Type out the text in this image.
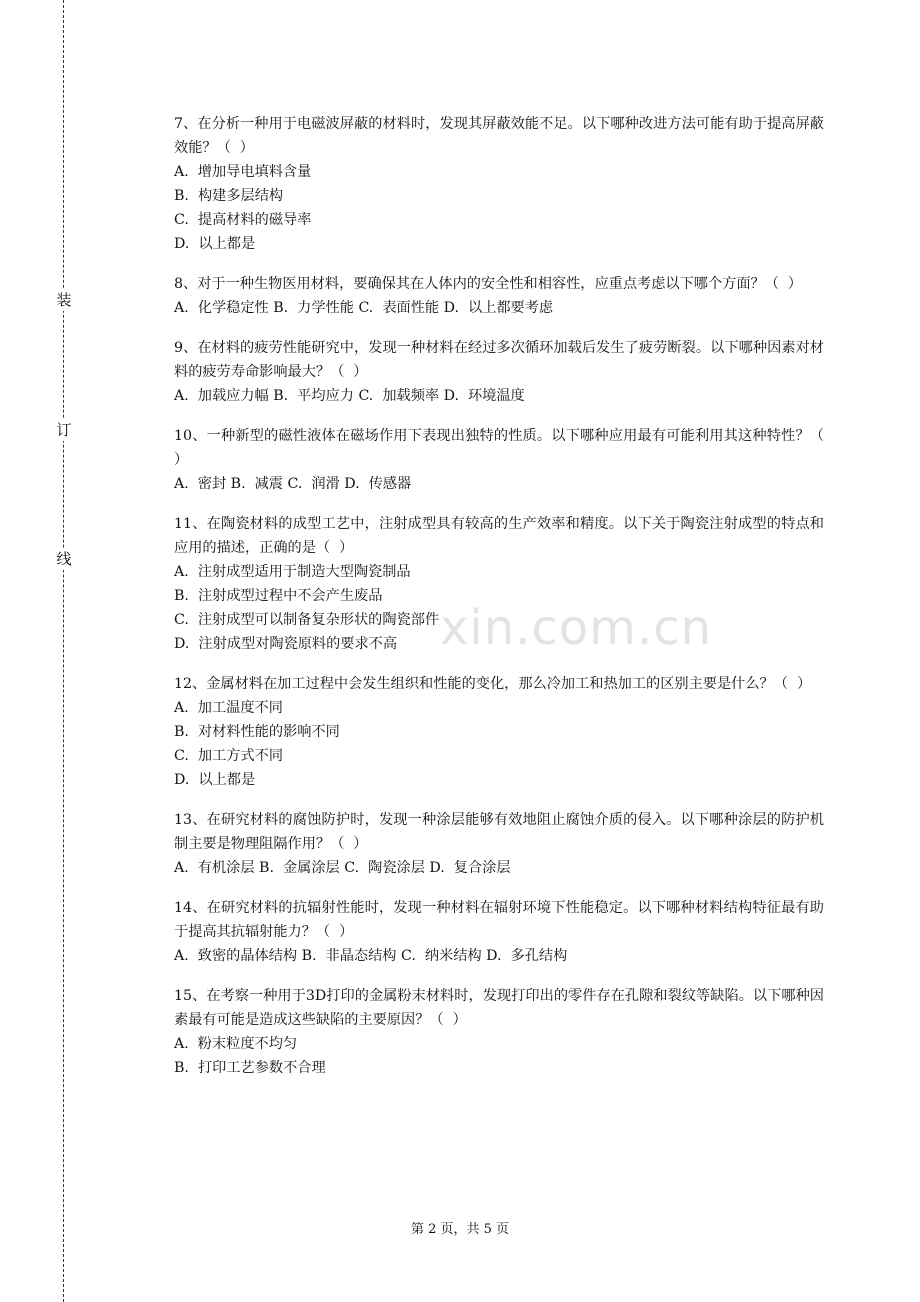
装
订
线
xin.com.cn

7、在分析一种用于电磁波屏蔽的材料时，发现其屏蔽效能不足。以下哪种改进方法可能有助于提高屏蔽效能？（  ）

A.  增加导电填料含量

B.  构建多层结构

C.  提高材料的磁导率

D.  以上都是

8、对于一种生物医用材料，要确保其在人体内的安全性和相容性，应重点考虑以下哪个方面？（  ）

A.  化学稳定性 B.  力学性能 C.  表面性能 D.  以上都要考虑

9、在材料的疲劳性能研究中，发现一种材料在经过多次循环加载后发生了疲劳断裂。以下哪种因素对材料的疲劳寿命影响最大？（  ）

A.  加载应力幅 B.  平均应力 C.  加载频率 D.  环境温度

10、一种新型的磁性液体在磁场作用下表现出独特的性质。以下哪种应用最有可能利用其这种特性？（  ）

A.  密封 B.  减震 C.  润滑 D.  传感器

11、在陶瓷材料的成型工艺中，注射成型具有较高的生产效率和精度。以下关于陶瓷注射成型的特点和应用的描述，正确的是（  ）

A.  注射成型适用于制造大型陶瓷制品

B.  注射成型过程中不会产生废品

C.  注射成型可以制备复杂形状的陶瓷部件

D.  注射成型对陶瓷原料的要求不高

12、金属材料在加工过程中会发生组织和性能的变化，那么冷加工和热加工的区别主要是什么？（  ）

A.  加工温度不同

B.  对材料性能的影响不同

C.  加工方式不同

D.  以上都是

13、在研究材料的腐蚀防护时，发现一种涂层能够有效地阻止腐蚀介质的侵入。以下哪种涂层的防护机制主要是物理阻隔作用？（  ）

A.  有机涂层 B.  金属涂层 C.  陶瓷涂层 D.  复合涂层

14、在研究材料的抗辐射性能时，发现一种材料在辐射环境下性能稳定。以下哪种材料结构特征最有助于提高其抗辐射能力？（  ）

A.  致密的晶体结构 B.  非晶态结构 C.  纳米结构 D.  多孔结构

15、在考察一种用于3D打印的金属粉末材料时，发现打印出的零件存在孔隙和裂纹等缺陷。以下哪种因素最有可能是造成这些缺陷的主要原因？（  ）

A.  粉末粒度不均匀

B.  打印工艺参数不合理

第 2 页，共 5 页
